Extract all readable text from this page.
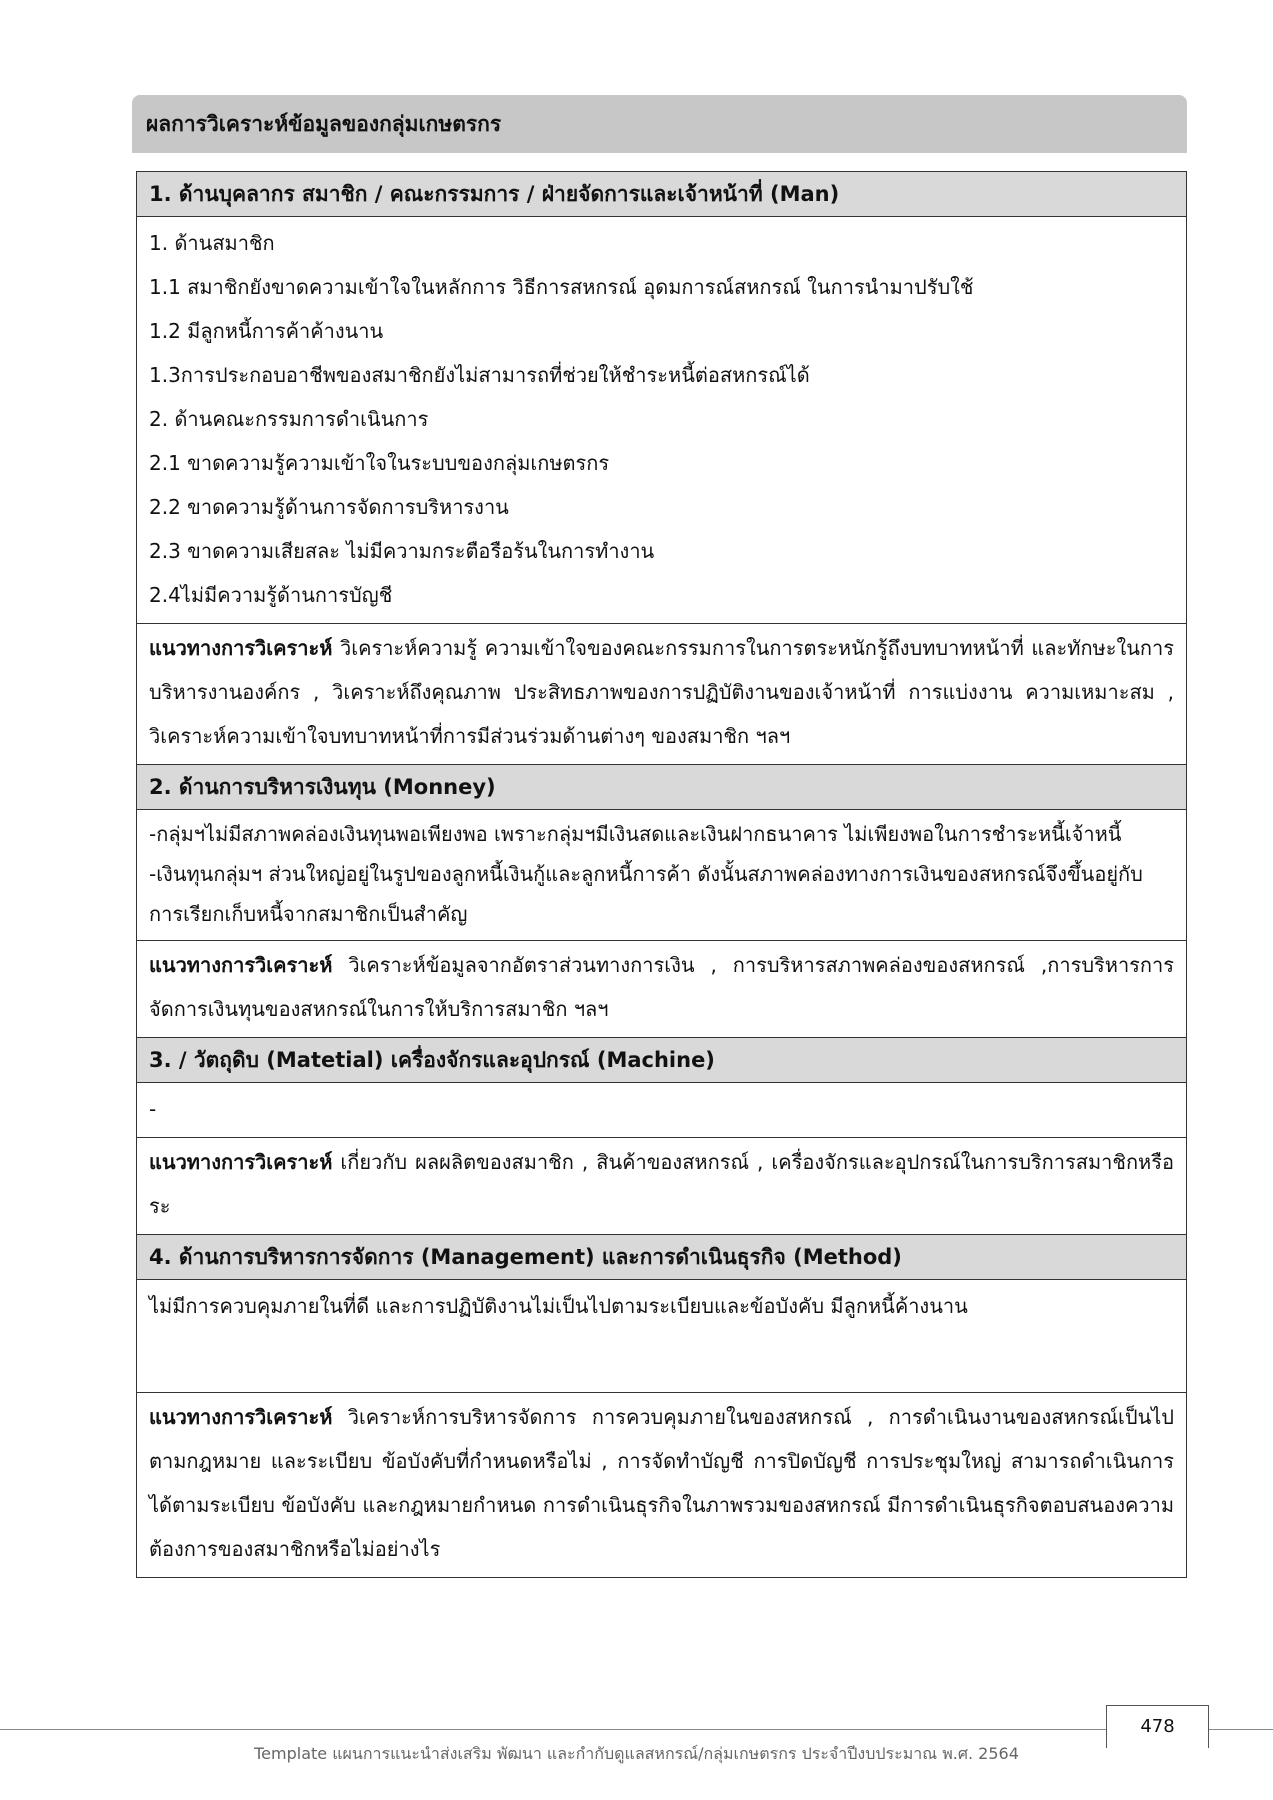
ผลการวิเคราะห์ข้อมูลของกลุ่มเกษตรกร
1. ด้านบุคลากร สมาชิก / คณะกรรมการ / ฝ่ายจัดการและเจ้าหน้าที่ (Man)
1. ด้านสมาชิก
1.1 สมาชิกยังขาดความเข้าใจในหลักการ วิธีการสหกรณ์ อุดมการณ์สหกรณ์ ในการนำมาปรับใช้
1.2 มีลูกหนี้การค้าค้างนาน
1.3การประกอบอาชีพของสมาชิกยังไม่สามารถที่ช่วยให้ชำระหนี้ต่อสหกรณ์ได้
2. ด้านคณะกรรมการดำเนินการ
2.1 ขาดความรู้ความเข้าใจในระบบของกลุ่มเกษตรกร
2.2 ขาดความรู้ด้านการจัดการบริหารงาน
2.3 ขาดความเสียสละ ไม่มีความกระตือรือร้นในการทำงาน
2.4ไม่มีความรู้ด้านการบัญชี
แนวทางการวิเคราะห์ วิเคราะห์ความรู้ ความเข้าใจของคณะกรรมการในการตระหนักรู้ถึงบทบาทหน้าที่ และทักษะในการบริหารงานองค์กร , วิเคราะห์ถึงคุณภาพ ประสิทธภาพของการปฏิบัติงานของเจ้าหน้าที่ การแบ่งงาน ความเหมาะสม , วิเคราะห์ความเข้าใจบทบาทหน้าที่การมีส่วนร่วมด้านต่างๆ ของสมาชิก ฯลฯ
2. ด้านการบริหารเงินทุน (Monney)
-กลุ่มฯไม่มีสภาพคล่องเงินทุนพอเพียงพอ เพราะกลุ่มฯมีเงินสดและเงินฝากธนาคาร ไม่เพียงพอในการชำระหนี้เจ้าหนี้
-เงินทุนกลุ่มฯ ส่วนใหญ่อยู่ในรูปของลูกหนี้เงินกู้และลูกหนี้การค้า ดังนั้นสภาพคล่องทางการเงินของสหกรณ์จึงขึ้นอยู่กับการเรียกเก็บหนี้จากสมาชิกเป็นสำคัญ
แนวทางการวิเคราะห์ วิเคราะห์ข้อมูลจากอัตราส่วนทางการเงิน , การบริหารสภาพคล่องของสหกรณ์ ,การบริหารการจัดการเงินทุนของสหกรณ์ในการให้บริการสมาชิก ฯลฯ
3. / วัตถุดิบ (Matetial) เครื่องจักรและอุปกรณ์ (Machine)
-
แนวทางการวิเคราะห์ เกี่ยวกับ ผลผลิตของสมาชิก , สินค้าของสหกรณ์ , เครื่องจักรและอุปกรณ์ในการบริการสมาชิกหรือระ
4. ด้านการบริหารการจัดการ (Management) และการดำเนินธุรกิจ (Method)
ไม่มีการควบคุมภายในที่ดี และการปฏิบัติงานไม่เป็นไปตามระเบียบและข้อบังคับ มีลูกหนี้ค้างนาน
แนวทางการวิเคราะห์ วิเคราะห์การบริหารจัดการ การควบคุมภายในของสหกรณ์ , การดำเนินงานของสหกรณ์เป็นไปตามกฎหมาย และระเบียบ ข้อบังคับที่กำหนดหรือไม่ , การจัดทำบัญชี การปิดบัญชี การประชุมใหญ่ สามารถดำเนินการได้ตามระเบียบ ข้อบังคับ และกฎหมายกำหนด การดำเนินธุรกิจในภาพรวมของสหกรณ์ มีการดำเนินธุรกิจตอบสนองความต้องการของสมาชิกหรือไม่อย่างไร
478
Template แผนการแนะนำส่งเสริม พัฒนา และกำกับดูแลสหกรณ์/กลุ่มเกษตรกร ประจำปีงบประมาณ พ.ศ. 2564
